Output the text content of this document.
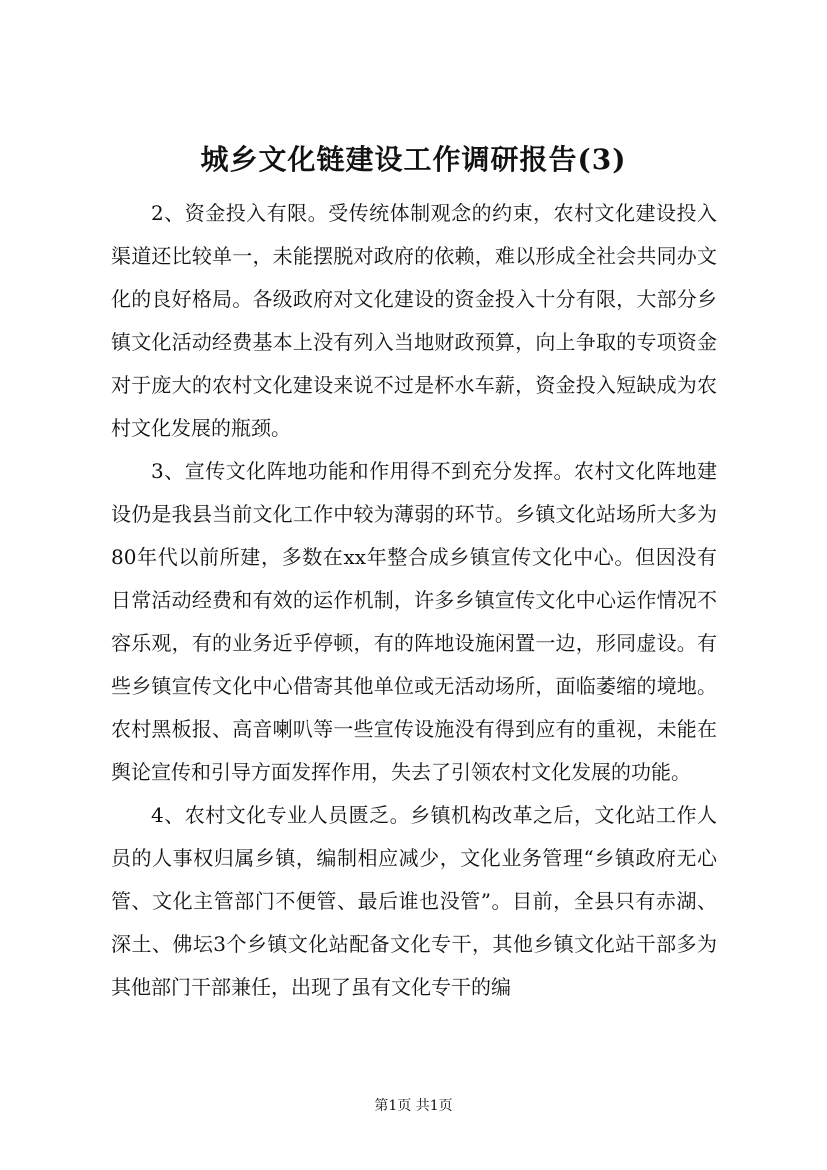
城乡文化链建设工作调研报告(3)

2、资金投入有限。受传统体制观念的约束，农村文化建设投入渠道还比较单一，未能摆脱对政府的依赖，难以形成全社会共同办文化的良好格局。各级政府对文化建设的资金投入十分有限，大部分乡镇文化活动经费基本上没有列入当地财政预算，向上争取的专项资金对于庞大的农村文化建设来说不过是杯水车薪，资金投入短缺成为农村文化发展的瓶颈。

3、宣传文化阵地功能和作用得不到充分发挥。农村文化阵地建设仍是我县当前文化工作中较为薄弱的环节。乡镇文化站场所大多为80年代以前所建，多数在xx年整合成乡镇宣传文化中心。但因没有日常活动经费和有效的运作机制，许多乡镇宣传文化中心运作情况不容乐观，有的业务近乎停顿，有的阵地设施闲置一边，形同虚设。有些乡镇宣传文化中心借寄其他单位或无活动场所，面临萎缩的境地。农村黑板报、高音喇叭等一些宣传设施没有得到应有的重视，未能在舆论宣传和引导方面发挥作用，失去了引领农村文化发展的功能。

4、农村文化专业人员匮乏。乡镇机构改革之后，文化站工作人员的人事权归属乡镇，编制相应减少，文化业务管理“乡镇政府无心管、文化主管部门不便管、最后谁也没管”。目前，全县只有赤湖、深土、佛坛3个乡镇文化站配备文化专干，其他乡镇文化站干部多为其他部门干部兼任，出现了虽有文化专干的编

第1页 共1页
